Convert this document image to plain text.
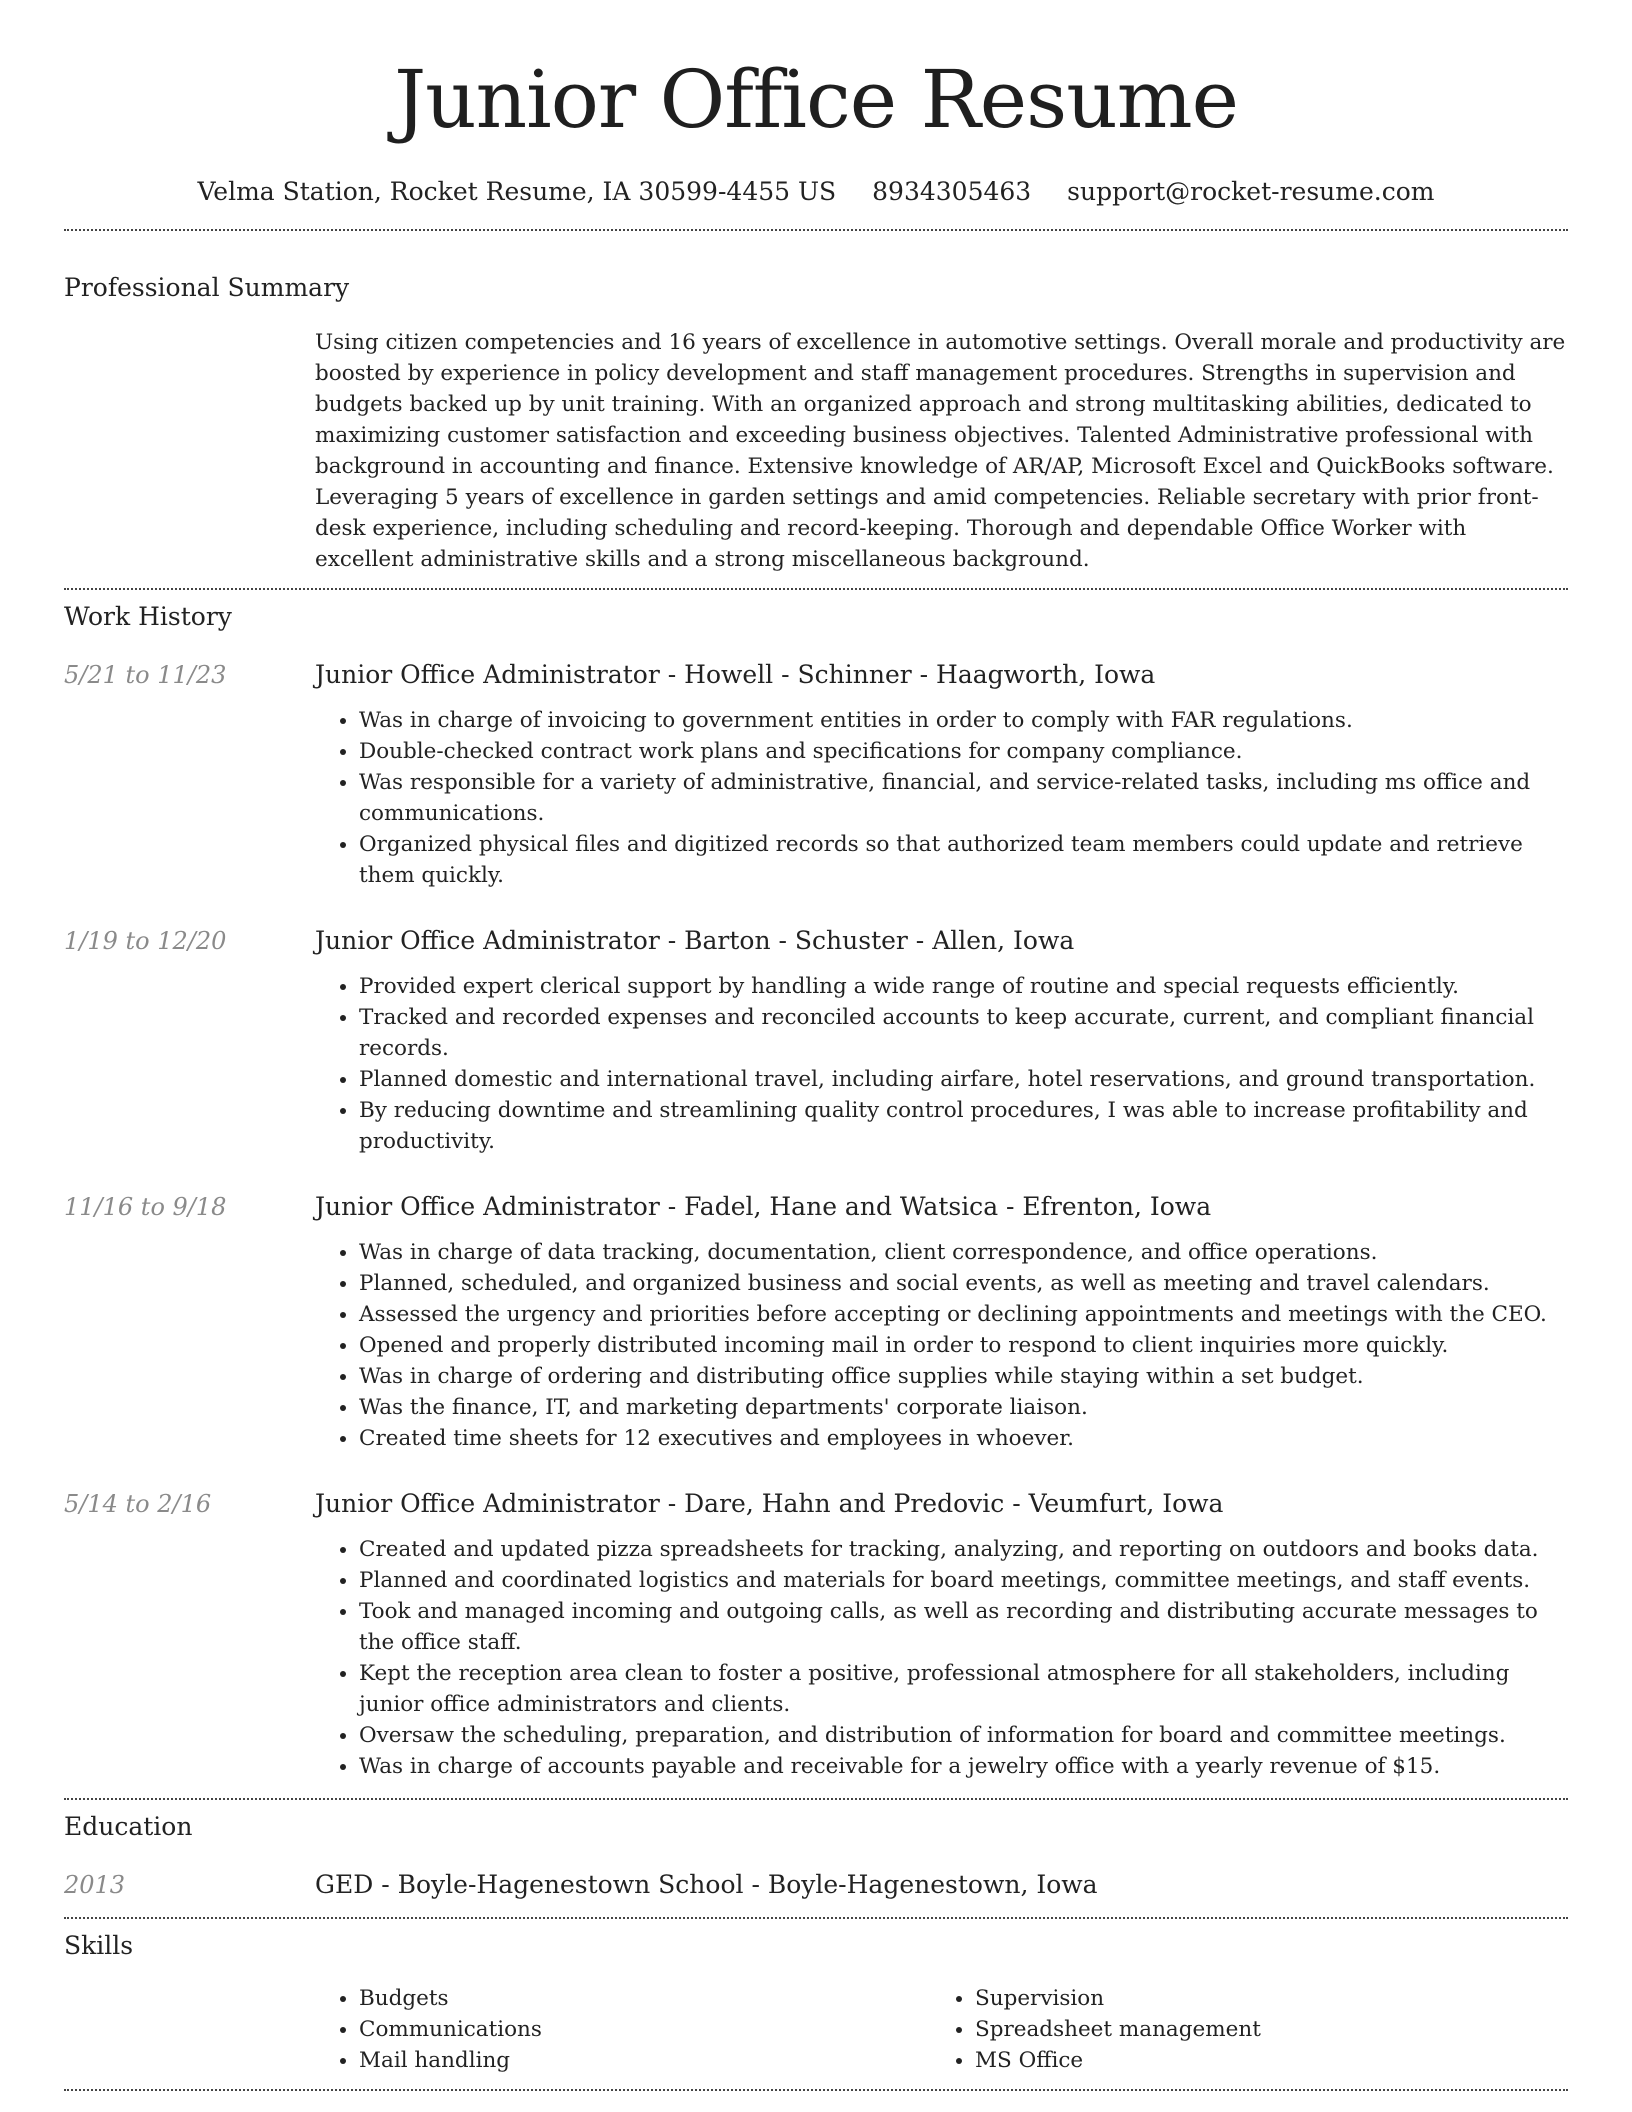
Junior Office Resume
Velma Station, Rocket Resume, IA 30599-4455 US 8934305463 support@rocket-resume.com
Professional Summary

Using citizen competencies and 16 years of excellence in automotive settings. Overall morale and productivity are boosted by experience in policy development and staff management procedures. Strengths in supervision and budgets backed up by unit training. With an organized approach and strong multitasking abilities, dedicated to maximizing customer satisfaction and exceeding business objectives. Talented Administrative professional with background in accounting and finance. Extensive knowledge of AR/AP, Microsoft Excel and QuickBooks software. Leveraging 5 years of excellence in garden settings and amid competencies. Reliable secretary with prior front-desk experience, including scheduling and record-keeping. Thorough and dependable Office Worker with excellent administrative skills and a strong miscellaneous background.

Work History
5/21 to 11/23	Junior Office Administrator - Howell - Schinner - Haagworth, Iowa
• Was in charge of invoicing to government entities in order to comply with FAR regulations.
• Double-checked contract work plans and specifications for company compliance.
• Was responsible for a variety of administrative, financial, and service-related tasks, including ms office and communications.
• Organized physical files and digitized records so that authorized team members could update and retrieve them quickly.
1/19 to 12/20	Junior Office Administrator - Barton - Schuster - Allen, Iowa
• Provided expert clerical support by handling a wide range of routine and special requests efficiently.
• Tracked and recorded expenses and reconciled accounts to keep accurate, current, and compliant financial records.
• Planned domestic and international travel, including airfare, hotel reservations, and ground transportation.
• By reducing downtime and streamlining quality control procedures, I was able to increase profitability and productivity.
11/16 to 9/18	Junior Office Administrator - Fadel, Hane and Watsica - Efrenton, Iowa
• Was in charge of data tracking, documentation, client correspondence, and office operations.
• Planned, scheduled, and organized business and social events, as well as meeting and travel calendars.
• Assessed the urgency and priorities before accepting or declining appointments and meetings with the CEO.
• Opened and properly distributed incoming mail in order to respond to client inquiries more quickly.
• Was in charge of ordering and distributing office supplies while staying within a set budget.
• Was the finance, IT, and marketing departments' corporate liaison.
• Created time sheets for 12 executives and employees in whoever.
5/14 to 2/16	Junior Office Administrator - Dare, Hahn and Predovic - Veumfurt, Iowa
• Created and updated pizza spreadsheets for tracking, analyzing, and reporting on outdoors and books data.
• Planned and coordinated logistics and materials for board meetings, committee meetings, and staff events.
• Took and managed incoming and outgoing calls, as well as recording and distributing accurate messages to the office staff.
• Kept the reception area clean to foster a positive, professional atmosphere for all stakeholders, including junior office administrators and clients.
• Oversaw the scheduling, preparation, and distribution of information for board and committee meetings.
• Was in charge of accounts payable and receivable for a jewelry office with a yearly revenue of $15.
Education
2013	GED - Boyle-Hagenestown School - Boyle-Hagenestown, Iowa
Skills
• Budgets
• Communications
• Mail handling
• Supervision
• Spreadsheet management
• MS Office
